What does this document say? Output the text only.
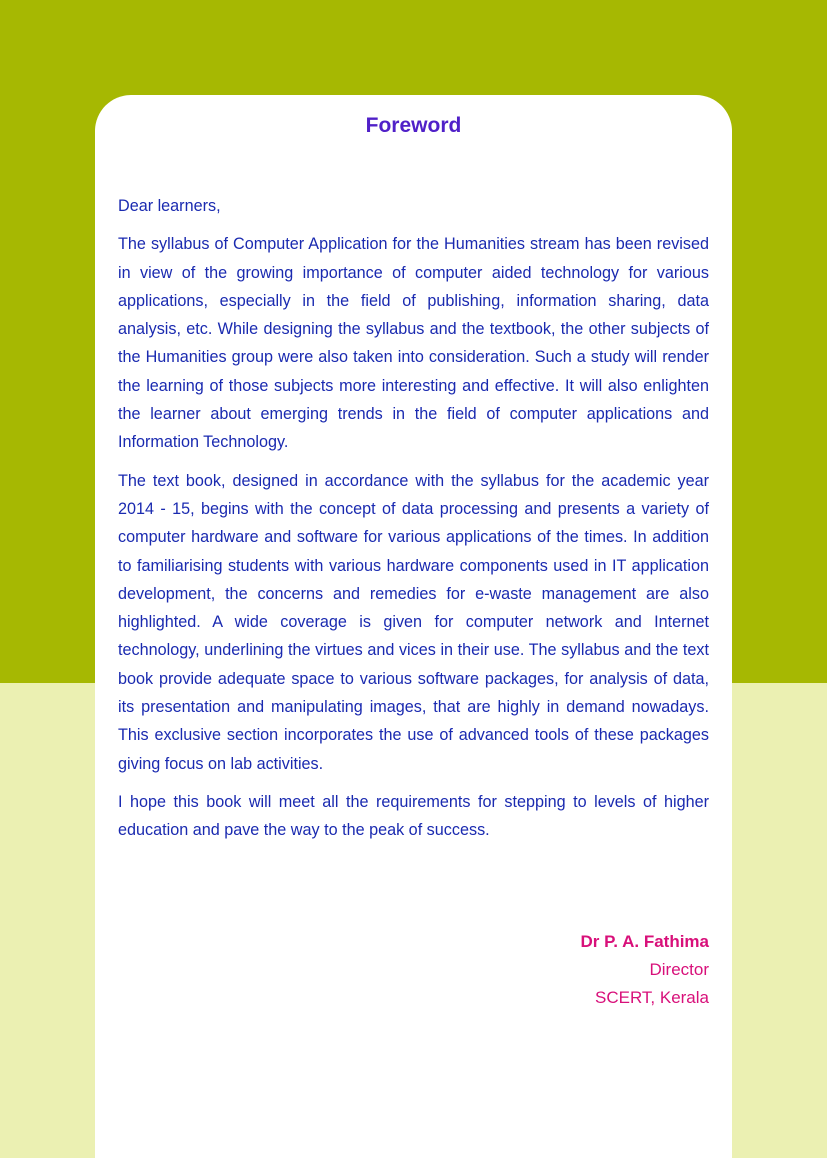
Foreword

Dear learners,

The syllabus of Computer Application for the Humanities stream has been revised in view of the growing importance of computer aided technology for various applications, especially in the field of publishing, information sharing, data analysis, etc. While designing the syllabus and the textbook, the other subjects of the Humanities group were also taken into consideration. Such a study will render the learning of those subjects more interesting and effective. It will also enlighten the learner about emerging trends in the field of computer applications and Information Technology.

The text book, designed in accordance with the syllabus for the academic year 2014 - 15, begins with the concept of data processing and presents a variety of computer hardware and software for various applications of the times. In addition to familiarising students with various hardware components used in IT application development, the concerns and remedies for e-waste management are also highlighted. A wide coverage is given for computer network and Internet technology, underlining the virtues and vices in their use. The syllabus and the text book provide adequate space to various software packages, for analysis of data, its presentation and manipulating images, that are highly in demand nowadays. This exclusive section incorporates the use of advanced tools of these packages giving focus on lab activities.

I hope this book will meet all the requirements for stepping to levels of higher education and pave the way to the peak of success.

Dr P. A. Fathima
Director
SCERT, Kerala
